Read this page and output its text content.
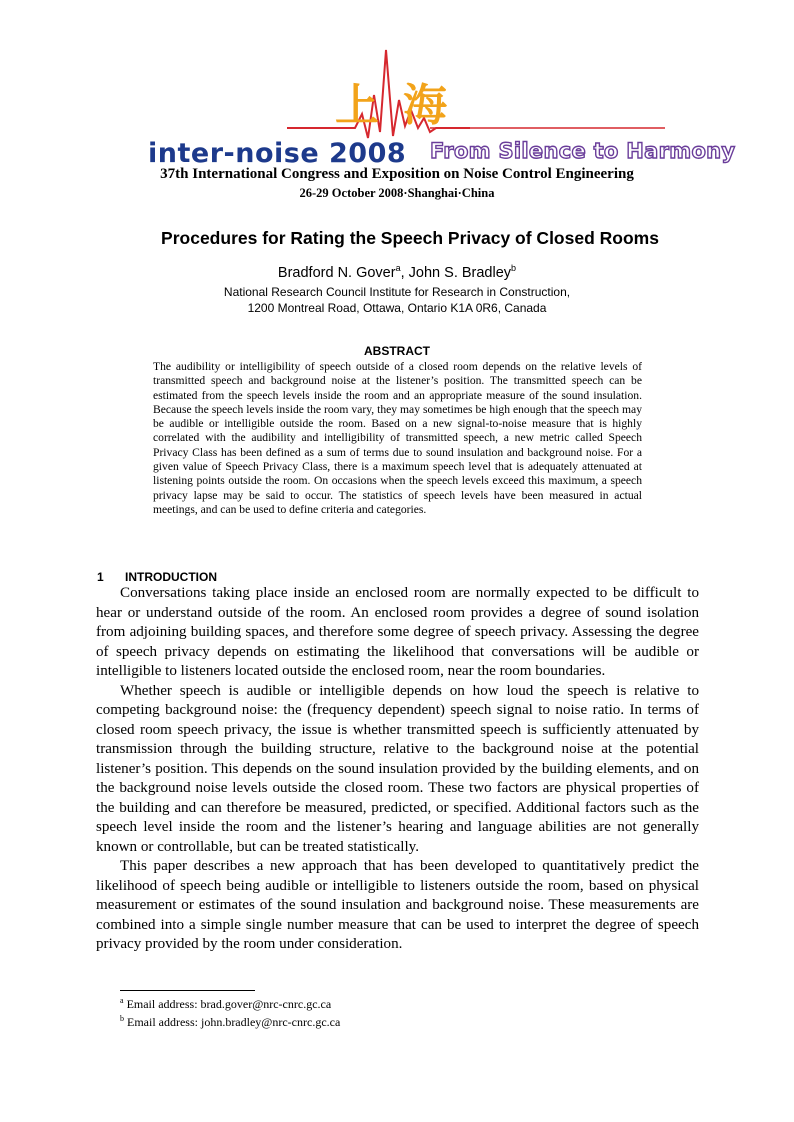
上海
inter-noise 2008 From Silence to Harmony
37th International Congress and Exposition on Noise Control Engineering
26-29 October 2008·Shanghai·China
Procedures for Rating the Speech Privacy of Closed Rooms
Bradford N. Gover$^a$, John S. Bradley$^b$
National Research Council Institute for Research in Construction,
1200 Montreal Road, Ottawa, Ontario K1A 0R6, Canada
ABSTRACT
The audibility or intelligibility of speech outside of a closed room depends on the relative levels of transmitted speech and background noise at the listener’s position. The transmitted speech can be estimated from the speech levels inside the room and an appropriate measure of the sound insulation. Because the speech levels inside the room vary, they may sometimes be high enough that the speech may be audible or intelligible outside the room. Based on a new signal-to-noise measure that is highly correlated with the audibility and intelligibility of transmitted speech, a new metric called Speech Privacy Class has been defined as a sum of terms due to sound insulation and background noise. For a given value of Speech Privacy Class, there is a maximum speech level that is adequately attenuated at listening points outside the room. On occasions when the speech levels exceed this maximum, a speech privacy lapse may be said to occur. The statistics of speech levels have been measured in actual meetings, and can be used to define criteria and categories.
1 INTRODUCTION

Conversations taking place inside an enclosed room are normally expected to be difficult to hear or understand outside of the room. An enclosed room provides a degree of sound isolation from adjoining building spaces, and therefore some degree of speech privacy. Assessing the degree of speech privacy depends on estimating the likelihood that conversations will be audible or intelligible to listeners located outside the enclosed room, near the room boundaries.

Whether speech is audible or intelligible depends on how loud the speech is relative to competing background noise: the (frequency dependent) speech signal to noise ratio. In terms of closed room speech privacy, the issue is whether transmitted speech is sufficiently attenuated by transmission through the building structure, relative to the background noise at the potential listener’s position. This depends on the sound insulation provided by the building elements, and on the background noise levels outside the closed room. These two factors are physical properties of the building and can therefore be measured, predicted, or specified. Additional factors such as the speech level inside the room and the listener’s hearing and language abilities are not generally known or controllable, but can be treated statistically.

This paper describes a new approach that has been developed to quantitatively predict the likelihood of speech being audible or intelligible to listeners outside the room, based on physical measurement or estimates of the sound insulation and background noise. These measurements are combined into a simple single number measure that can be used to interpret the degree of speech privacy provided by the room under consideration.

$^a$ Email address: brad.gover@nrc-cnrc.gc.ca
$^b$ Email address: john.bradley@nrc-cnrc.gc.ca
